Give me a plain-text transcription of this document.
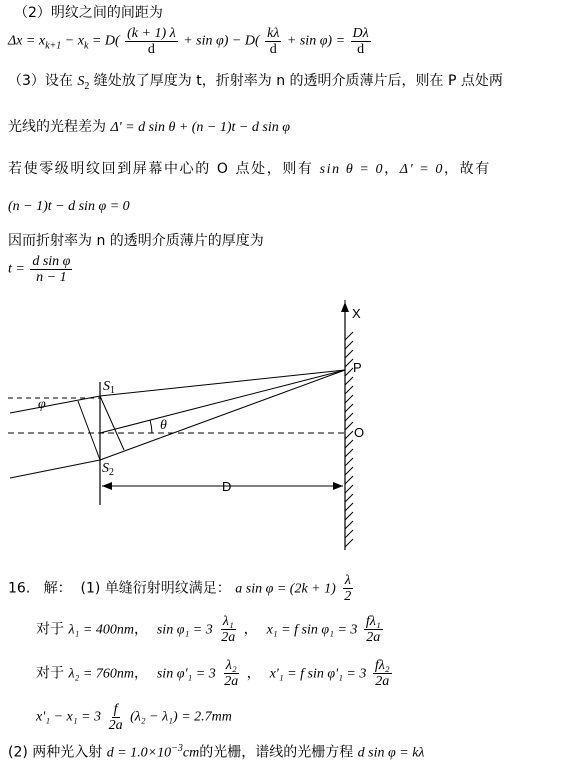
（2）明纹之间的间距为
$\Delta x = x_{k+1} - x_k = D( \frac{(k + 1) \lambda}{d} + \sin \varphi) - D( \frac{k\lambda}{d} + \sin \varphi) = \frac{D\lambda}{d}$
（3）设在 $S_2$ 缝处放了厚度为 t，折射率为 n 的透明介质薄片后，则在 P 点处两
光线的光程差为 Δ' = d sin θ + (n − 1)t − d sin φ
若使零级明纹回到屏幕中心的 O 点处，则有 sin θ = 0，Δ' = 0，故有
(n − 1)t − d sin φ = 0
因而折射率为 n 的透明介质薄片的厚度为
$t = \frac{\text{d sin φ}}{n - 1}$
X
P
O
$S_1$
$S_2$
φ
θ
D
16. 解： (1) 单缝衍射明纹满足： a $\sin \varphi = (2k + 1) \frac{\lambda}{2}$
对于 λ₁ = 400nm， $\sin \varphi_1 = 3 \frac{\text{λ₁}}{2a}$ ， x₁ = f $\sin \varphi_1 = 3 \frac{\text{fλ₁}}{2a}$
对于 λ₂ = 760nm， $\sin \varphi'_1 = 3 \frac{\text{λ₂}}{2a}$ ， x'₁ = f $\sin \varphi'_1 = 3 \frac{\text{fλ₂}}{2a}$
$x'_1 - x_1 = 3 \frac{f}{2a} (\lambda_2 - \lambda_1) = 2.7mm$
(2) 两种光入射 $d = 1.0\times 10^{-3}cm$的光栅，谱线的光栅方程 d sin φ = kλ
